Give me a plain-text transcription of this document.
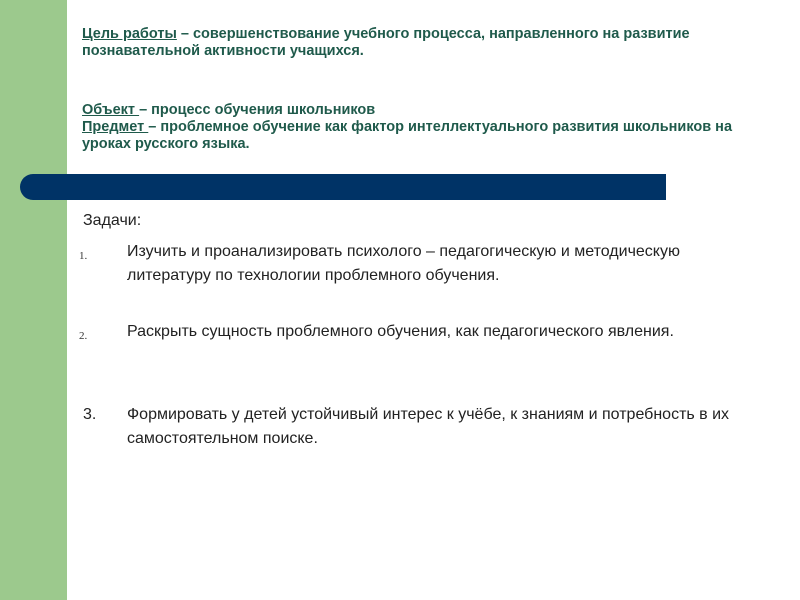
Цель работы – совершенствование учебного процесса, направленного на развитие познавательной активности учащихся.

Объект – процесс обучения школьников
Предмет – проблемное обучение как фактор интеллектуального развития школьников на уроках русского языка.

Задачи:

1. Изучить и проанализировать психолого – педагогическую и методическую литературу по технологии проблемного обучения.
2. Раскрыть сущность проблемного обучения, как педагогического явления.
3. Формировать у детей устойчивый интерес к учёбе, к знаниям и потребность в их самостоятельном поиске.
